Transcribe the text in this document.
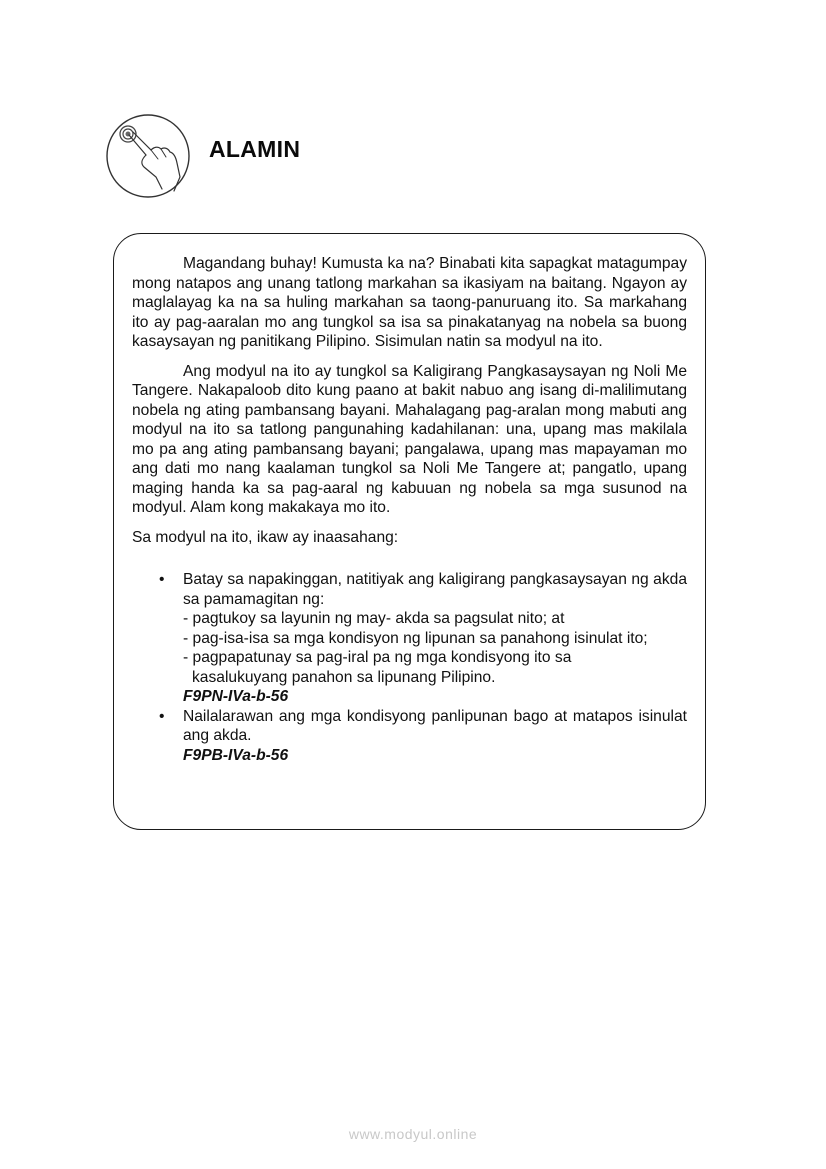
ALAMIN

Magandang buhay! Kumusta ka na? Binabati kita sapagkat matagumpay mong natapos ang unang tatlong markahan sa ikasiyam na baitang. Ngayon ay maglalayag ka na sa huling markahan sa taong-panuruang ito. Sa markahang ito ay pag-aaralan mo ang tungkol sa isa sa pinakatanyag na nobela sa buong kasaysayan ng panitikang Pilipino. Sisimulan natin sa modyul na ito.

Ang modyul na ito ay tungkol sa Kaligirang Pangkasaysayan ng Noli Me Tangere. Nakapaloob dito kung paano at bakit nabuo ang isang di-malilimutang nobela ng ating pambansang bayani. Mahalagang pag-aralan mong mabuti ang modyul na ito sa tatlong pangunahing kadahilanan: una, upang mas makilala mo pa ang ating pambansang bayani; pangalawa, upang mas mapayaman mo ang dati mo nang kaalaman tungkol sa Noli Me Tangere at; pangatlo, upang maging handa ka sa pag-aaral ng kabuuan ng nobela sa mga susunod na modyul. Alam kong makakaya mo ito.

Sa modyul na ito, ikaw ay inaasahang:

• Batay sa napakinggan, natitiyak ang kaligirang pangkasaysayan ng akda sa pamamagitan ng:
- pagtukoy sa layunin ng may- akda sa pagsulat nito; at
- pag-isa-isa sa mga kondisyon ng lipunan sa panahong isinulat ito;
- pagpapatunay sa pag-iral pa ng mga kondisyong ito sa
kasalukuyang panahon sa lipunang Pilipino.
F9PN-IVa-b-56
• Nailalarawan ang mga kondisyong panlipunan bago at matapos isinulat ang akda.
F9PB-IVa-b-56
www.modyul.online
